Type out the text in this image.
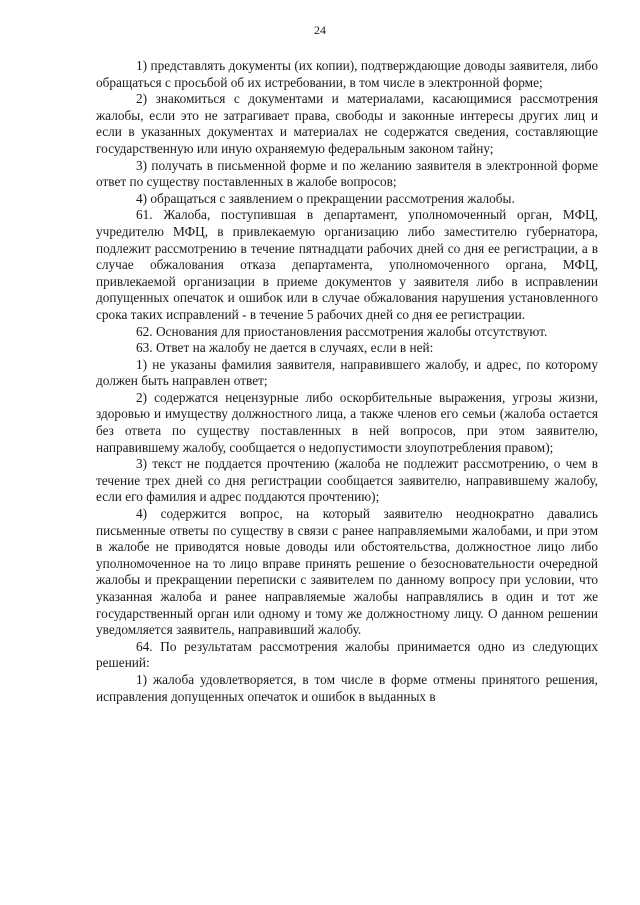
24

1) представлять документы (их копии), подтверждающие доводы заявителя, либо обращаться с просьбой об их истребовании, в том числе в электронной форме;

2) знакомиться с документами и материалами, касающимися рассмотрения жалобы, если это не затрагивает права, свободы и законные интересы других лиц и если в указанных документах и материалах не содержатся сведения, составляющие государственную или иную охраняемую федеральным законом тайну;

3) получать в письменной форме и по желанию заявителя в электронной форме ответ по существу поставленных в жалобе вопросов;

4) обращаться с заявлением о прекращении рассмотрения жалобы.

61. Жалоба, поступившая в департамент, уполномоченный орган, МФЦ, учредителю МФЦ, в привлекаемую организацию либо заместителю губернатора, подлежит рассмотрению в течение пятнадцати рабочих дней со дня ее регистрации, а в случае обжалования отказа департамента, уполномоченного органа, МФЦ, привлекаемой организации в приеме документов у заявителя либо в исправлении допущенных опечаток и ошибок или в случае обжалования нарушения установленного срока таких исправлений - в течение 5 рабочих дней со дня ее регистрации.

62. Основания для приостановления рассмотрения жалобы отсутствуют.

63. Ответ на жалобу не дается в случаях, если в ней:

1) не указаны фамилия заявителя, направившего жалобу, и адрес, по которому должен быть направлен ответ;

2) содержатся нецензурные либо оскорбительные выражения, угрозы жизни, здоровью и имуществу должностного лица, а также членов его семьи (жалоба остается без ответа по существу поставленных в ней вопросов, при этом заявителю, направившему жалобу, сообщается о недопустимости злоупотребления правом);

3) текст не поддается прочтению (жалоба не подлежит рассмотрению, о чем в течение трех дней со дня регистрации сообщается заявителю, направившему жалобу, если его фамилия и адрес поддаются прочтению);

4) содержится вопрос, на который заявителю неоднократно давались письменные ответы по существу в связи с ранее направляемыми жалобами, и при этом в жалобе не приводятся новые доводы или обстоятельства, должностное лицо либо уполномоченное на то лицо вправе принять решение о безосновательности очередной жалобы и прекращении переписки с заявителем по данному вопросу при условии, что указанная жалоба и ранее направляемые жалобы направлялись в один и тот же государственный орган или одному и тому же должностному лицу. О данном решении уведомляется заявитель, направивший жалобу.

64. По результатам рассмотрения жалобы принимается одно из следующих решений:

1) жалоба удовлетворяется, в том числе в форме отмены принятого решения, исправления допущенных опечаток и ошибок в выданных в
